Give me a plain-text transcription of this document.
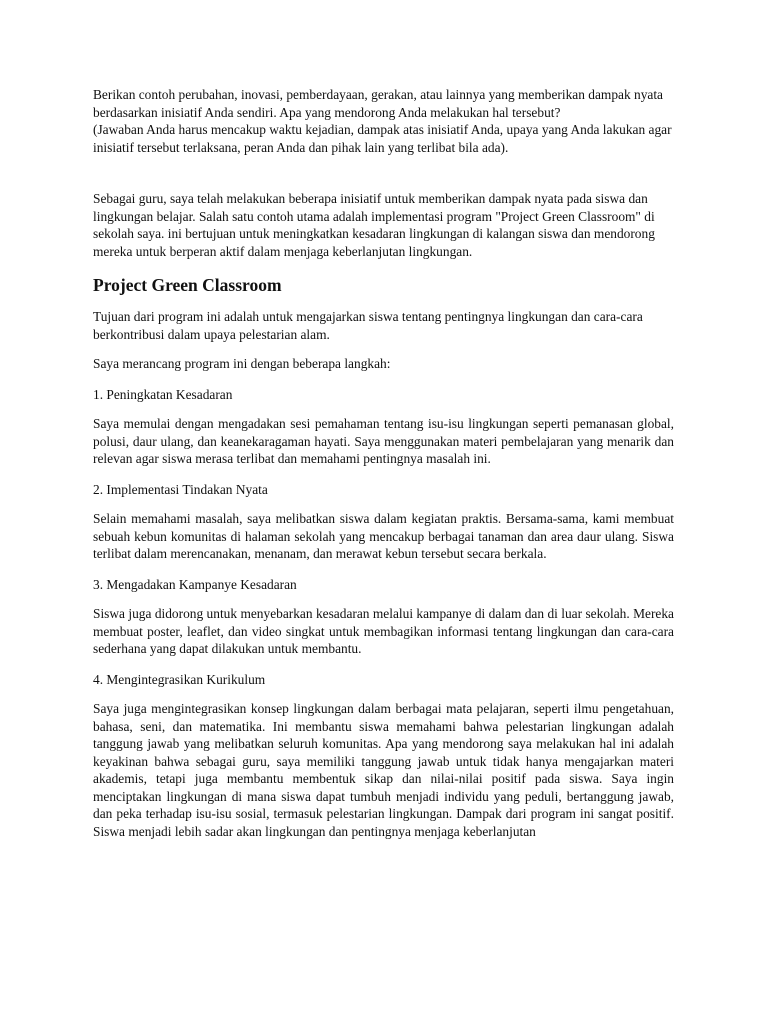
Berikan contoh perubahan, inovasi, pemberdayaan, gerakan, atau lainnya yang memberikan dampak nyata berdasarkan inisiatif Anda sendiri. Apa yang mendorong Anda melakukan hal tersebut?

(Jawaban Anda harus mencakup waktu kejadian, dampak atas inisiatif Anda, upaya yang Anda lakukan agar inisiatif tersebut terlaksana, peran Anda dan pihak lain yang terlibat bila ada).

Sebagai guru, saya telah melakukan beberapa inisiatif untuk memberikan dampak nyata pada siswa dan lingkungan belajar. Salah satu contoh utama adalah implementasi program "Project Green Classroom" di sekolah saya. ini bertujuan untuk meningkatkan kesadaran lingkungan di kalangan siswa dan mendorong mereka untuk berperan aktif dalam menjaga keberlanjutan lingkungan.

Project Green Classroom

Tujuan dari program ini adalah untuk mengajarkan siswa tentang pentingnya lingkungan dan cara-cara berkontribusi dalam upaya pelestarian alam.

Saya merancang program ini dengan beberapa langkah:

1. Peningkatan Kesadaran

Saya memulai dengan mengadakan sesi pemahaman tentang isu-isu lingkungan seperti pemanasan global, polusi, daur ulang, dan keanekaragaman hayati. Saya menggunakan materi pembelajaran yang menarik dan relevan agar siswa merasa terlibat dan memahami pentingnya masalah ini.

2. Implementasi Tindakan Nyata

Selain memahami masalah, saya melibatkan siswa dalam kegiatan praktis. Bersama-sama, kami membuat sebuah kebun komunitas di halaman sekolah yang mencakup berbagai tanaman dan area daur ulang. Siswa terlibat dalam merencanakan, menanam, dan merawat kebun tersebut secara berkala.

3. Mengadakan Kampanye Kesadaran

Siswa juga didorong untuk menyebarkan kesadaran melalui kampanye di dalam dan di luar sekolah. Mereka membuat poster, leaflet, dan video singkat untuk membagikan informasi tentang lingkungan dan cara-cara sederhana yang dapat dilakukan untuk membantu.

4. Mengintegrasikan Kurikulum

Saya juga mengintegrasikan konsep lingkungan dalam berbagai mata pelajaran, seperti ilmu pengetahuan, bahasa, seni, dan matematika. Ini membantu siswa memahami bahwa pelestarian lingkungan adalah tanggung jawab yang melibatkan seluruh komunitas. Apa yang mendorong saya melakukan hal ini adalah keyakinan bahwa sebagai guru, saya memiliki tanggung jawab untuk tidak hanya mengajarkan materi akademis, tetapi juga membantu membentuk sikap dan nilai-nilai positif pada siswa. Saya ingin menciptakan lingkungan di mana siswa dapat tumbuh menjadi individu yang peduli, bertanggung jawab, dan peka terhadap isu-isu sosial, termasuk pelestarian lingkungan. Dampak dari program ini sangat positif. Siswa menjadi lebih sadar akan lingkungan dan pentingnya menjaga keberlanjutan
